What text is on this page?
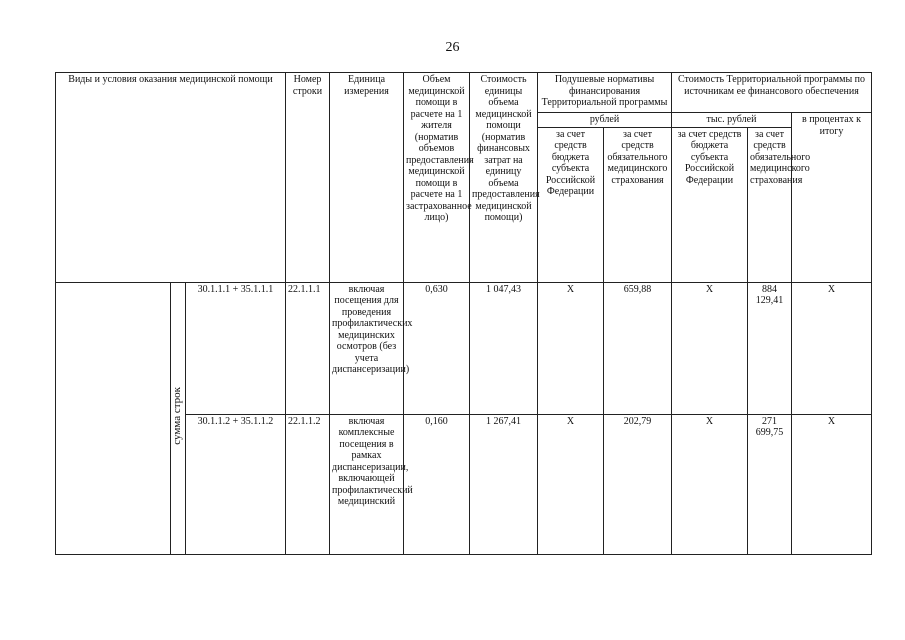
26
Виды и условия оказания медицинской помощи			Номер строки	Единица измерения	Объем медицинской помощи в расчете на 1 жителя (норматив объемов предоставления медицинской помощи в расчете на 1 застрахованное лицо)	Стоимость единицы объема медицинской помощи (норматив финансовых затрат на единицу объема предоставления медицинской помощи)	Подушевые нормативы финансирования Территориальной программы		Стоимость Территориальной программы по источникам ее финансового обеспечения		
							рублей		тыс. рублей		в процентах к итогу
							за счет средств бюджета субъекта Российской Федерации	за счет средств обязательного медицинского страхования	за счет средств бюджета субъекта Российской Федерации	за счет средств обязательного медицинского страхования	
	сумма строк	30.1.1.1 + 35.1.1.1	22.1.1.1	включая посещения для проведения профилактических медицинских осмотров (без учета диспансеризации)	0,630	1 047,43	Х	659,88	Х	884 129,41	Х
		30.1.1.2 + 35.1.1.2	22.1.1.2	включая комплексные посещения в рамках диспансеризации, включающей профилактический медицинский	0,160	1 267,41	Х	202,79	Х	271 699,75	Х
